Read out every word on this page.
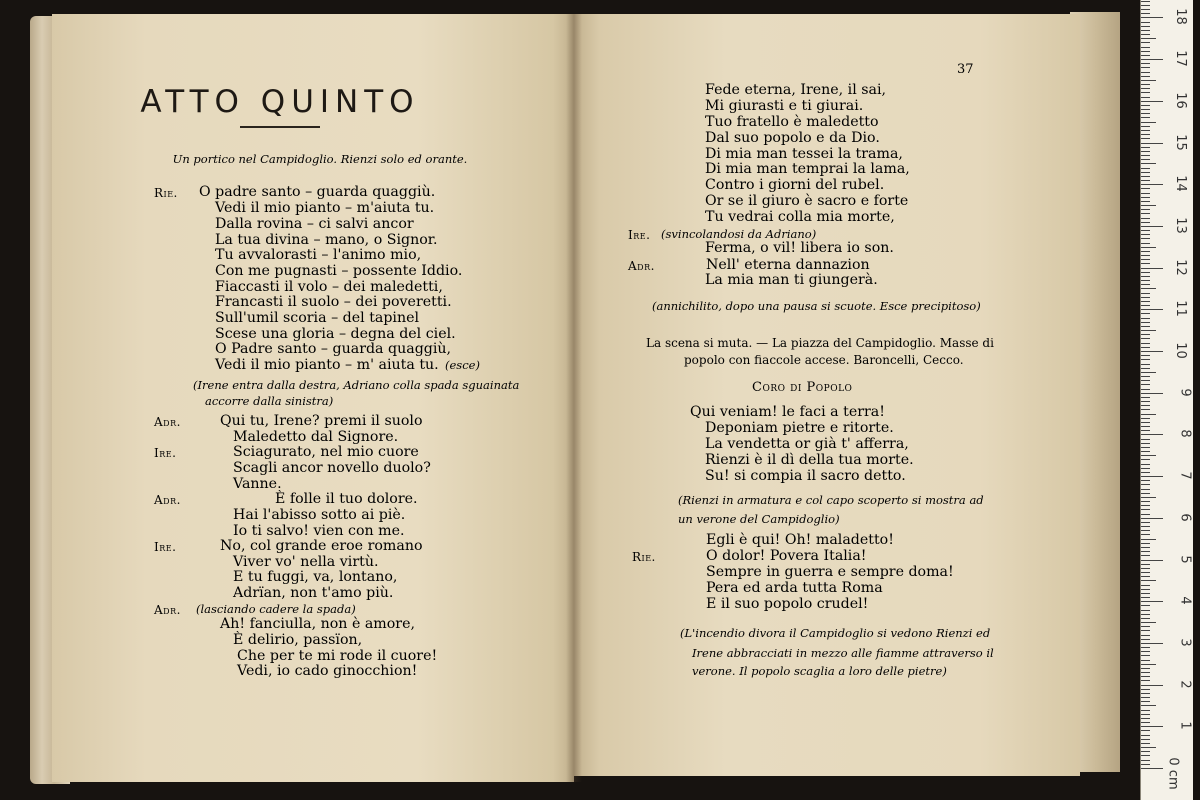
ATTO QUINTO
Un portico nel Campidoglio. Rienzi solo ed orante.
Rie. O padre santo – guarda quaggiù.
Vedi il mio pianto – m'aiuta tu.
Dalla rovina – ci salvi ancor
La tua divina – mano, o Signor.
Tu avvalorasti – l'animo mio,
Con me pugnasti – possente Iddio.
Fiaccasti il volo – dei maledetti,
Francasti il suolo – dei poveretti.
Sull'umil scoria – del tapinel
Scese una gloria – degna del ciel.
O Padre santo – guarda quaggiù,
Vedi il mio pianto – m' aiuta tu. (esce)
(Irene entra dalla destra, Adriano colla spada sguainata
accorre dalla sinistra)
Adr.	Qui tu, Irene? premi il suolo
Maledetto dal Signore.
Ire.	Sciagurato, nel mio cuore
Scagli ancor novello duolo?
Vanne.
Adr.	È folle il tuo dolore.
Hai l'abisso sotto ai piè.
Io ti salvo! vien con me.
Ire.	No, col grande eroe romano
Viver vo' nella virtù.
E tu fuggi, va, lontano,
Adrïan, non t'amo più.
Adr. (lasciando cadere la spada)
Ah! fanciulla, non è amore,
È delirio, passïon,
Che per te mi rode il cuore!
Vedi, io cado ginocchion!
37
Fede eterna, Irene, il sai,
Mi giurasti e ti giurai.
Tuo fratello è maledetto
Dal suo popolo e da Dio.
Di mia man tessei la trama,
Di mia man temprai la lama,
Contro i giorni del rubel.
Or se il giuro è sacro e forte
Tu vedrai colla mia morte,
Ire. (svincolandosi da Adriano)
Ferma, o vil! libera io son.
Adr.	Nell' eterna dannazion
La mia man ti giungerà.
(annichilito, dopo una pausa si scuote. Esce precipitoso)
La scena si muta. — La piazza del Campidoglio. Masse di
popolo con fiaccole accese. Baroncelli, Cecco.
Coro di Popolo
Qui veniam! le faci a terra!
Deponiam pietre e ritorte.
La vendetta or già t' afferra,
Rienzi è il dì della tua morte.
Su! si compia il sacro detto.
(Rienzi in armatura e col capo scoperto si mostra ad
un verone del Campidoglio)
Egli è qui! Oh! maladetto!
Rie.	O dolor! Povera Italia!
Sempre in guerra e sempre doma!
Pera ed arda tutta Roma
E il suo popolo crudel!
(L'incendio divora il Campidoglio si vedono Rienzi ed
Irene abbracciati in mezzo alle fiamme attraverso il
verone. Il popolo scaglia a loro delle pietre)
1
2
3
4
5
6
7
8
9
10
11
12
13
14
15
16
17
18
0 cm
